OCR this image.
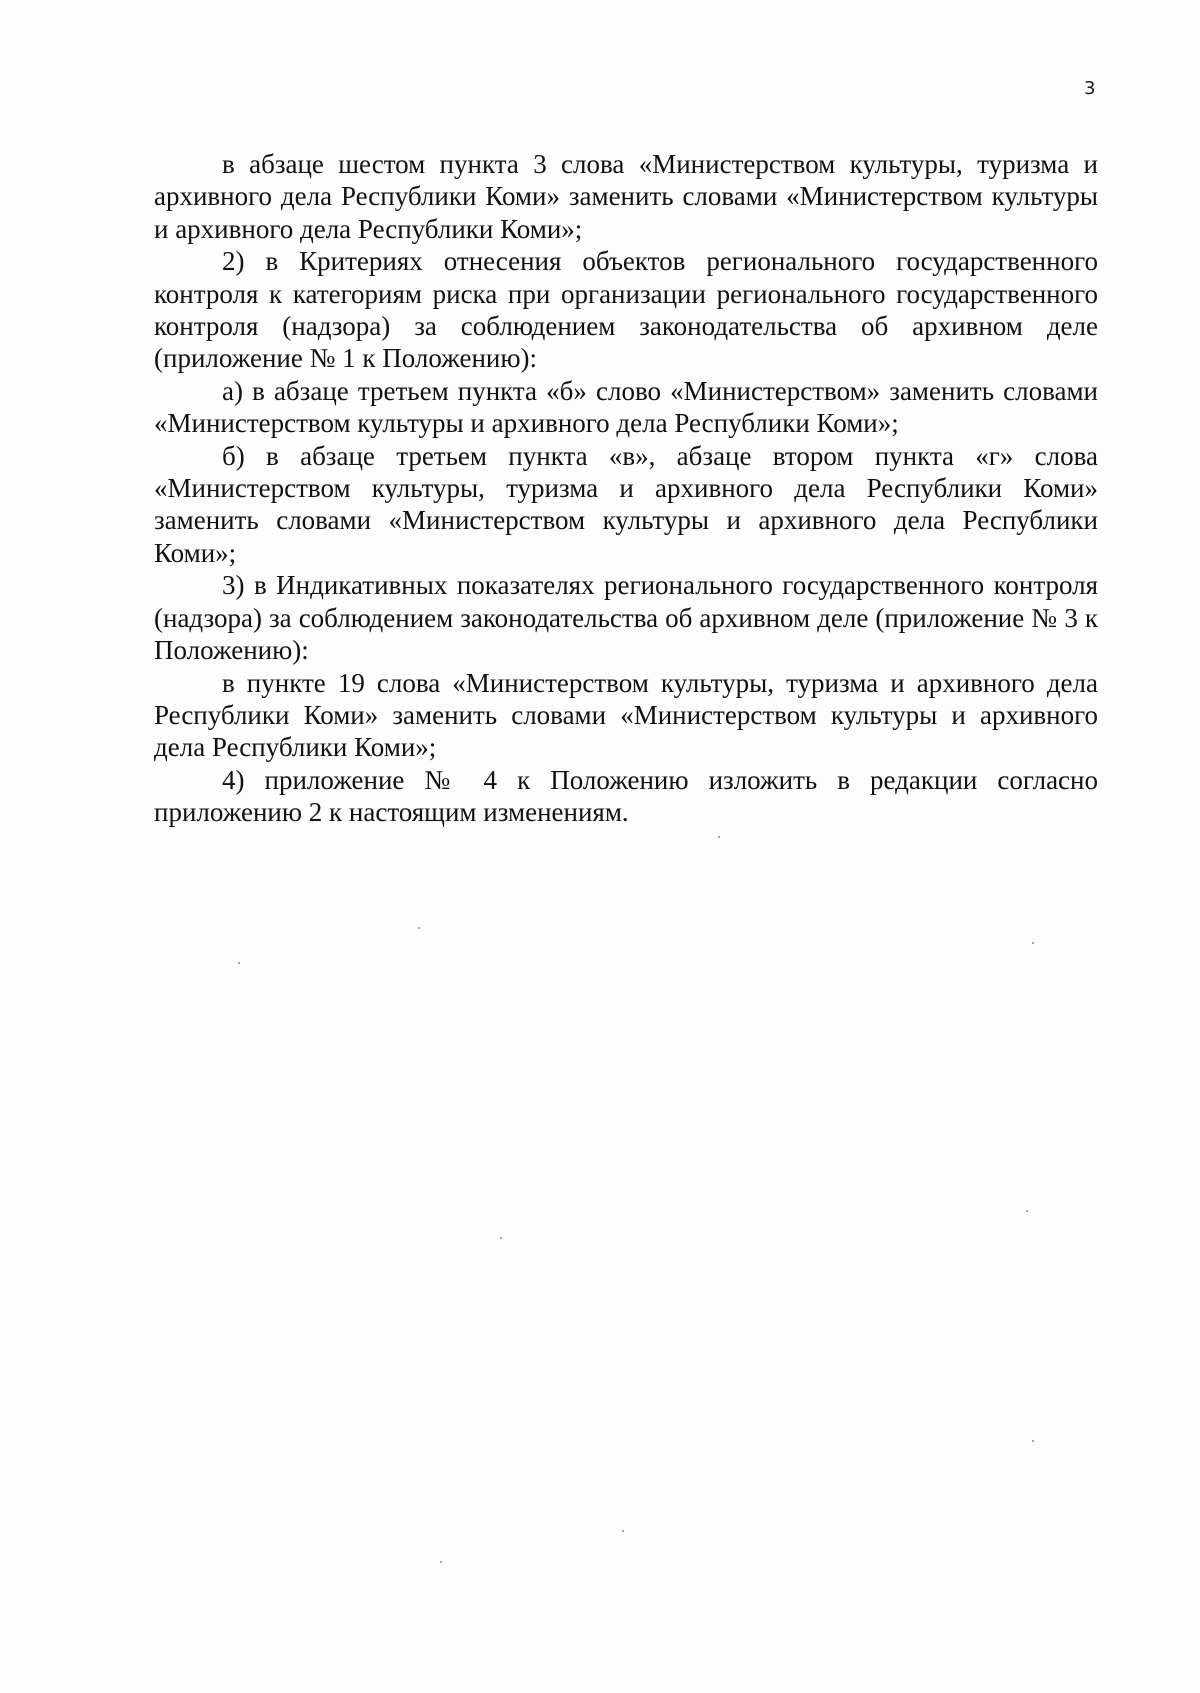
3

в абзаце шестом пункта 3 слова «Министерством культуры, туризма и архивного дела Республики Коми» заменить словами «Министерством культуры и архивного дела Республики Коми»;

2) в Критериях отнесения объектов регионального государственного контроля к категориям риска при организации регионального государственного контроля (надзора) за соблюдением законодательства об архивном деле (приложение № 1 к Положению):

а) в абзаце третьем пункта «б» слово «Министерством» заменить словами «Министерством культуры и архивного дела Республики Коми»;

б) в абзаце третьем пункта «в», абзаце втором пункта «г» слова «Министерством культуры, туризма и архивного дела Республики Коми» заменить словами «Министерством культуры и архивного дела Республики Коми»;

3) в Индикативных показателях регионального государственного контроля (надзора) за соблюдением законодательства об архивном деле (приложение № 3 к Положению):

в пункте 19 слова «Министерством культуры, туризма и архивного дела Республики Коми» заменить словами «Министерством культуры и архивного дела Республики Коми»;

4) приложение № 4 к Положению изложить в редакции согласно приложению 2 к настоящим изменениям.
